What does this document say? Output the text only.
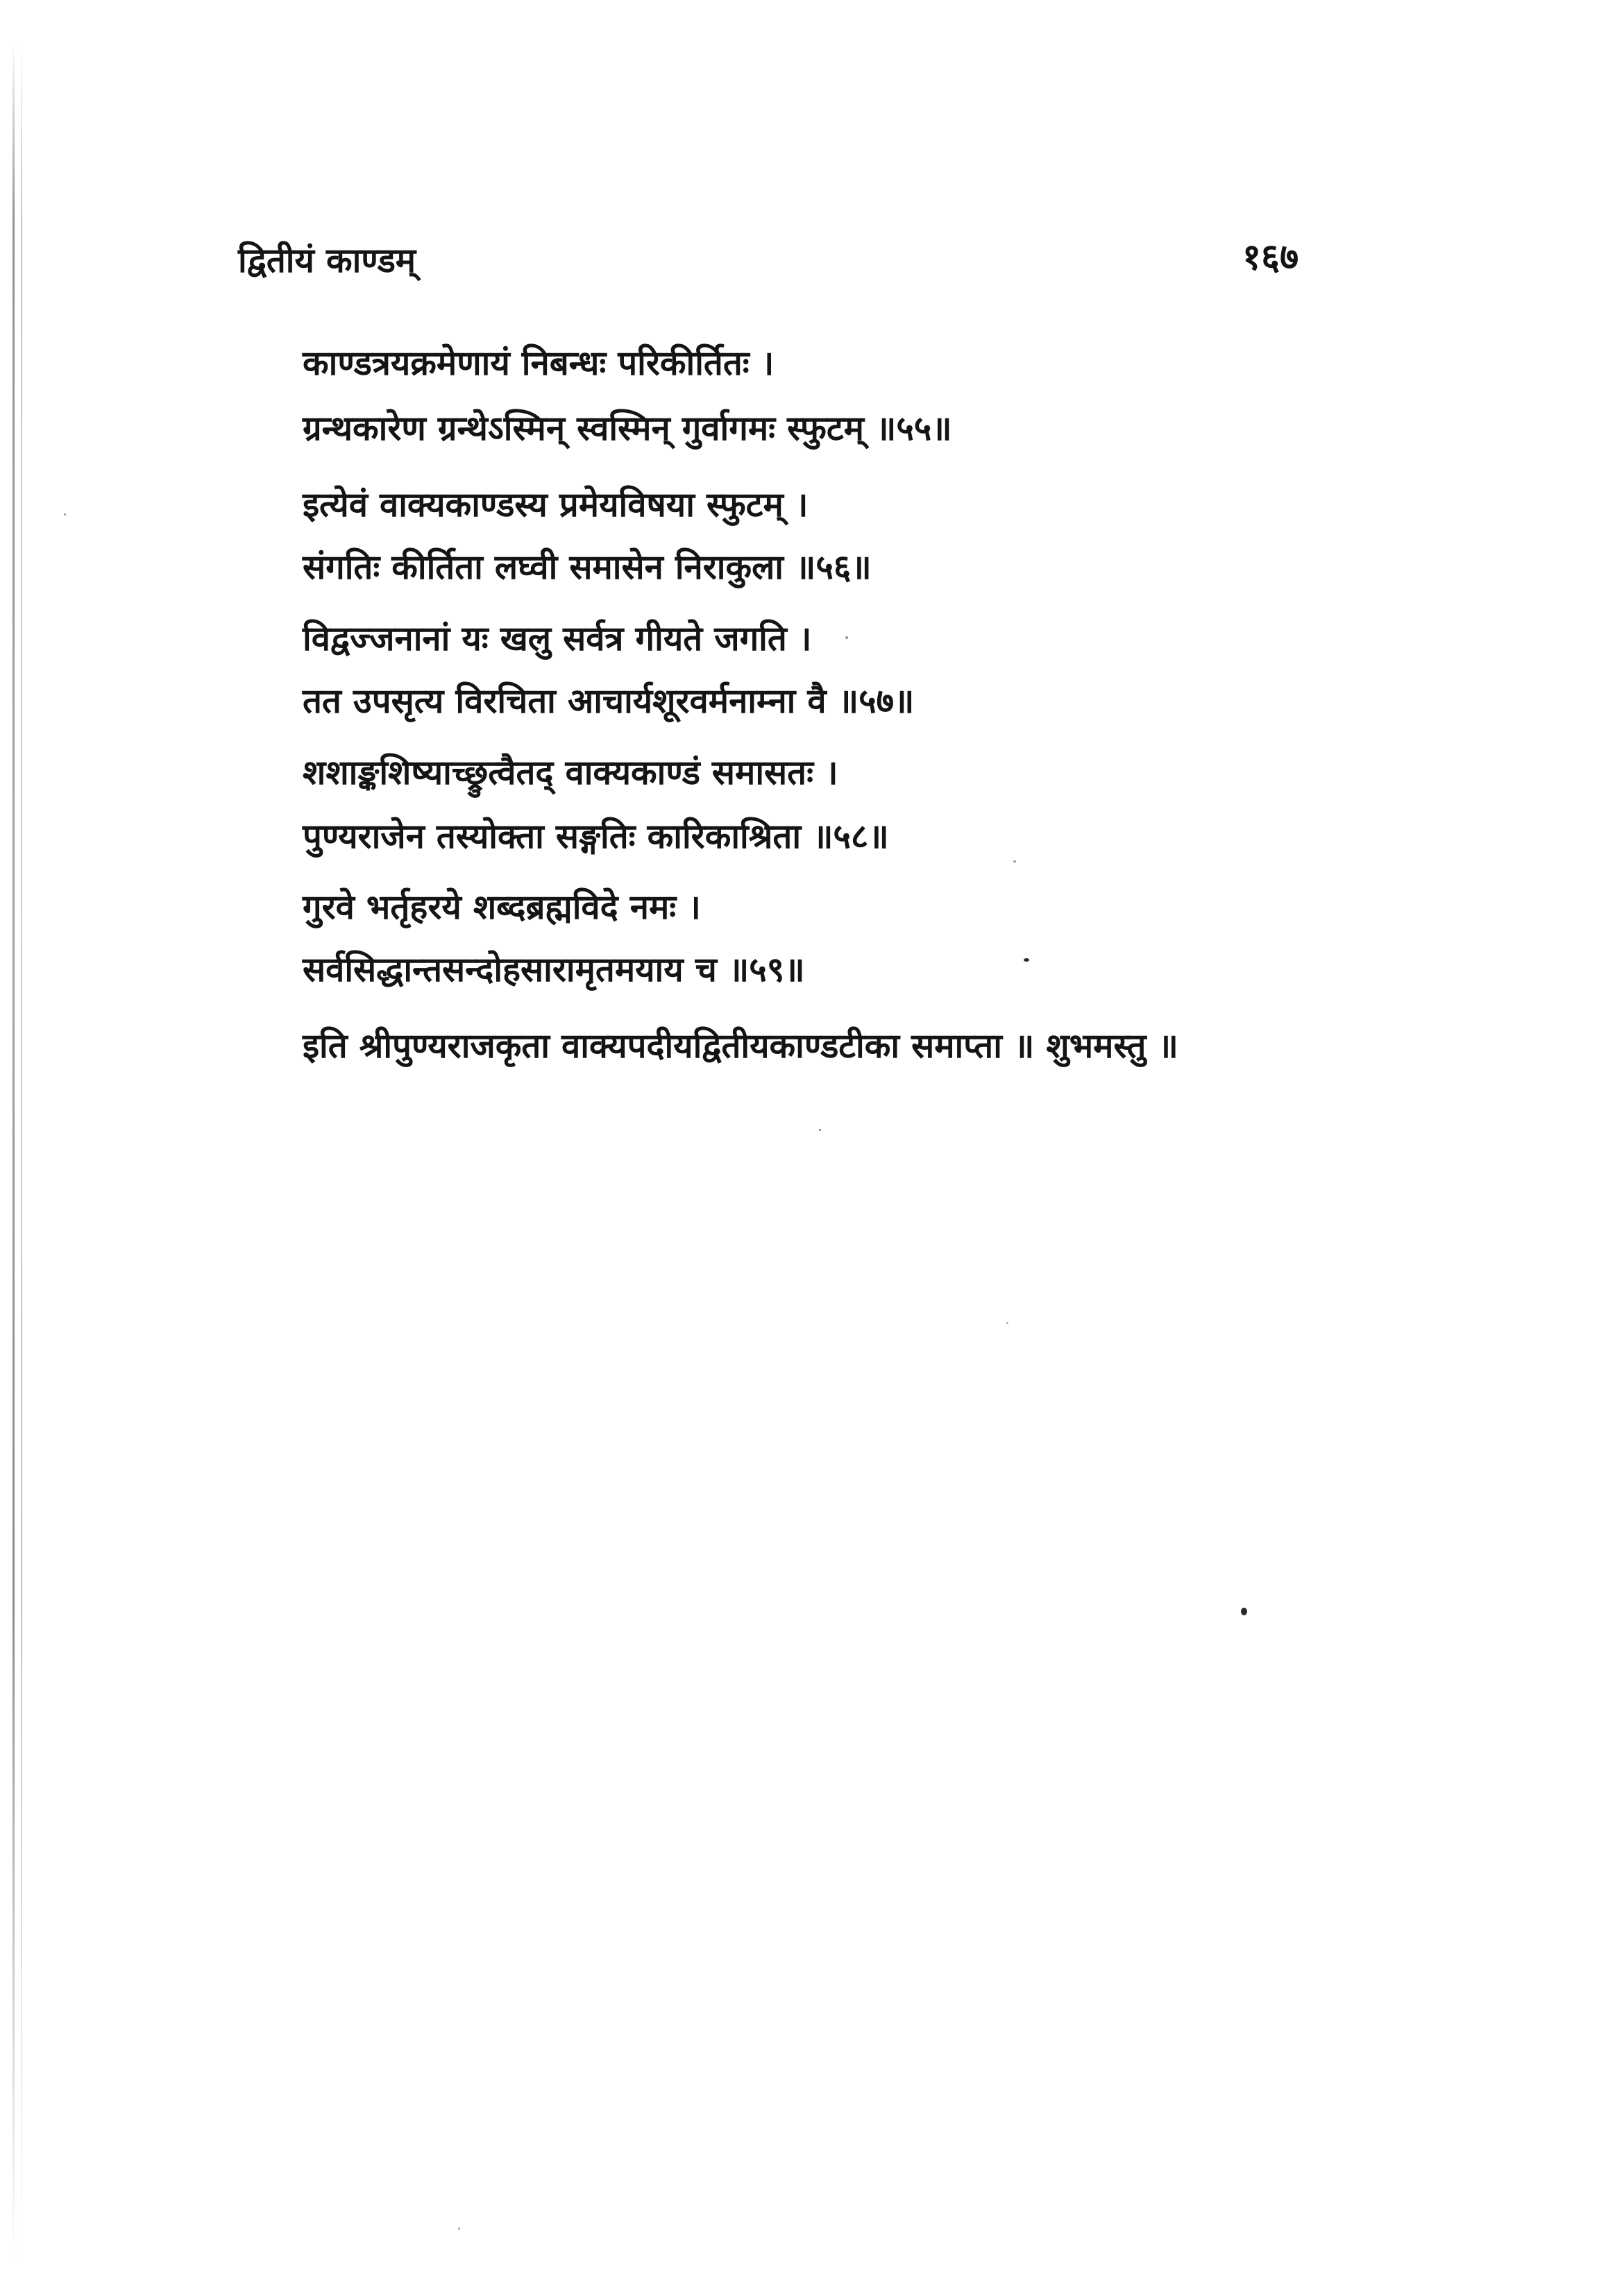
द्वितीयं काण्डम्	१६७
काण्डत्रयक्रमेणायं निबन्धः परिकीर्तितः ।
ग्रन्थकारेण ग्रन्थेऽस्मिन् स्वस्मिन् गुर्वागमः स्फुटम् ॥५५॥
इत्येवं वाक्यकाण्डस्य प्रमेयविषया स्फुटम् ।
संगतिः कीर्तिता लघ्वी समासेन निराकुला ॥५६॥
विद्वज्जनानां यः खलु सर्वत्र गीयते जगति ।
तत उपसृत्य विरचिता आचार्यशूरवर्मनाम्ना वै ॥५७॥
शशाङ्कशिष्याच्छ्रुत्वैतद् वाक्यकाण्डं समासतः ।
पुण्यराजेन तस्योक्ता सङ्गतिः कारिकाश्रिता ॥५८॥
गुरवे भर्तृहरये शब्दब्रह्मविदे नमः ।
सर्वसिद्धान्तसन्दोहसारामृतमयाय च ॥५९॥
इति श्रीपुण्यराजकृता वाक्यपदीयद्वितीयकाण्डटीका समाप्ता ॥ शुभमस्तु ॥
